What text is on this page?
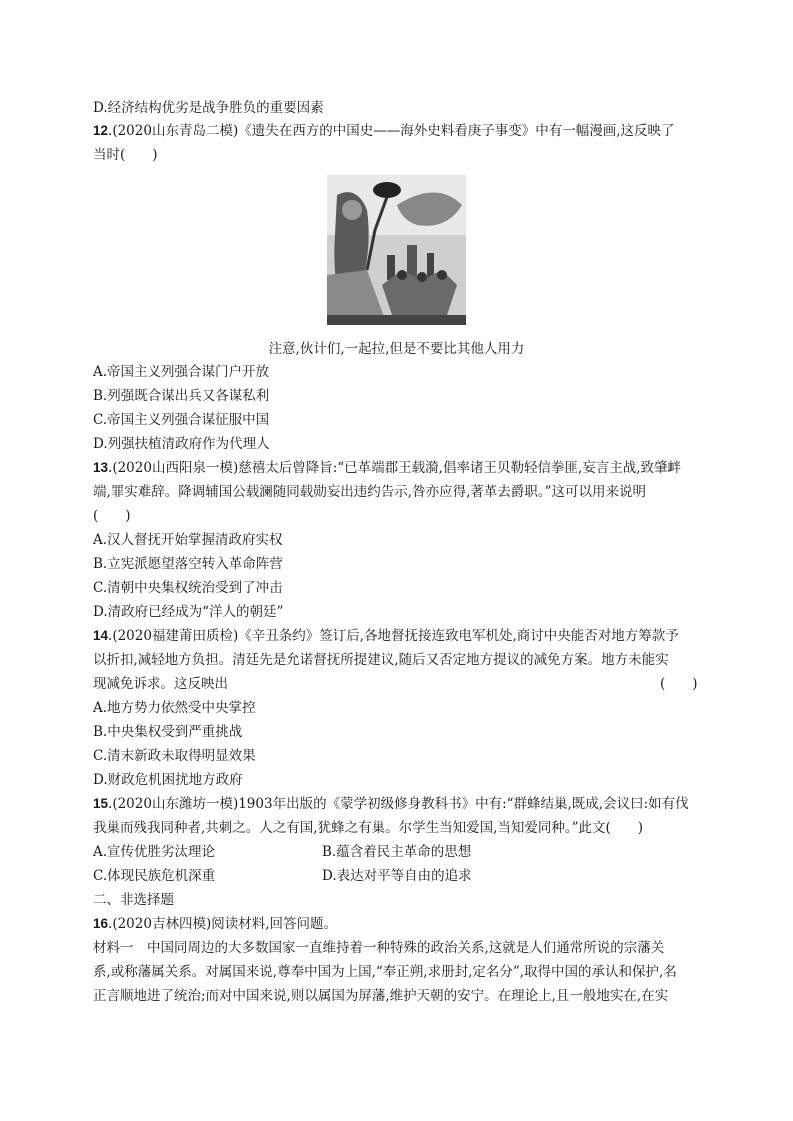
D.经济结构优劣是战争胜负的重要因素
12.(2020山东青岛二模)《遗失在西方的中国史——海外史料看庚子事变》中有一幅漫画,这反映了
当时(　　)
注意,伙计们,一起拉,但是不要比其他人用力
A.帝国主义列强合谋门户开放
B.列强既合谋出兵又各谋私利
C.帝国主义列强合谋征服中国
D.列强扶植清政府作为代理人
13.(2020山西阳泉一模)慈禧太后曾降旨:“已革端郡王载漪,倡率诸王贝勒轻信拳匪,妄言主战,致肇衅
端,罪实难辞。降调辅国公载澜随同载勋妄出违约告示,咎亦应得,著革去爵职。”这可以用来说明
(　　)
A.汉人督抚开始掌握清政府实权
B.立宪派愿望落空转入革命阵营
C.清朝中央集权统治受到了冲击
D.清政府已经成为“洋人的朝廷”
14.(2020福建莆田质检)《辛丑条约》签订后,各地督抚接连致电军机处,商讨中央能否对地方筹款予
以折扣,减轻地方负担。清廷先是允诺督抚所提建议,随后又否定地方提议的减免方案。地方未能实
现减免诉求。这反映出	(　　)
A.地方势力依然受中央掌控
B.中央集权受到严重挑战
C.清末新政未取得明显效果
D.财政危机困扰地方政府
15.(2020山东潍坊一模)1903年出版的《蒙学初级修身教科书》中有:“群蜂结巢,既成,会议曰:如有伐
我巢而残我同种者,共刺之。人之有国,犹蜂之有巢。尔学生当知爱国,当知爱同种。”此文(　　)
A.宣传优胜劣汰理论	B.蕴含着民主革命的思想
C.体现民族危机深重	D.表达对平等自由的追求
二、非选择题
16.(2020吉林四模)阅读材料,回答问题。
材料一　中国同周边的大多数国家一直维持着一种特殊的政治关系,这就是人们通常所说的宗藩关
系,或称藩属关系。对属国来说,尊奉中国为上国,“奉正朔,求册封,定名分”,取得中国的承认和保护,名
正言顺地进了统治;而对中国来说,则以属国为屏藩,维护天朝的安宁。在理论上,且一般地实在,在实
